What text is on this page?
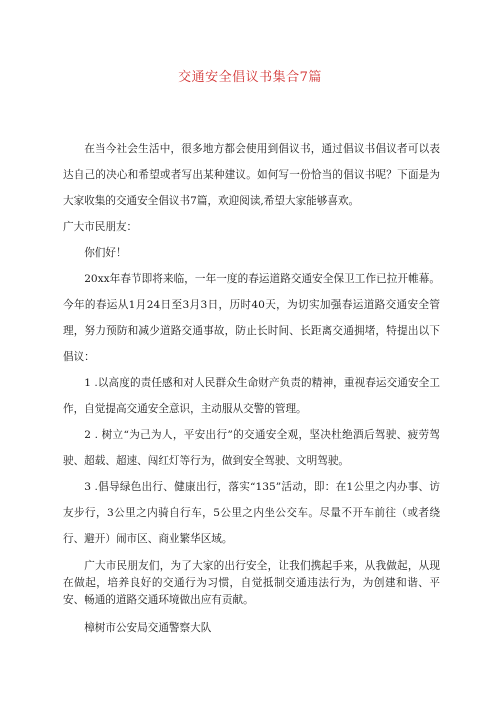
交通安全倡议书集合7篇

在当今社会生活中，很多地方都会使用到倡议书，通过倡议书倡议者可以表达自己的决心和希望或者写出某种建议。如何写一份恰当的倡议书呢？下面是为大家收集的交通安全倡议书7篇，欢迎阅读,希望大家能够喜欢。

广大市民朋友：

你们好！

20xx年春节即将来临，一年一度的春运道路交通安全保卫工作已拉开帷幕。今年的春运从1月24日至3月3日，历时40天，为切实加强春运道路交通安全管理，努力预防和减少道路交通事故，防止长时间、长距离交通拥堵，特提出以下倡议：

1 .以高度的责任感和对人民群众生命财产负责的精神，重视春运交通安全工作，自觉提高交通安全意识，主动服从交警的管理。

2 . 树立“为己为人，平安出行”的交通安全观，坚决杜绝酒后驾驶、疲劳驾驶、超载、超速、闯红灯等行为，做到安全驾驶、文明驾驶。

3 .倡导绿色出行、健康出行，落实“135”活动，即：在1公里之内办事、访友步行，3公里之内骑自行车，5公里之内坐公交车。尽量不开车前往（或者绕行、避开）闹市区、商业繁华区域。

广大市民朋友们，为了大家的出行安全，让我们携起手来，从我做起，从现在做起，培养良好的交通行为习惯，自觉抵制交通违法行为，为创建和谐、平安、畅通的道路交通环境做出应有贡献。

樟树市公安局交通警察大队
